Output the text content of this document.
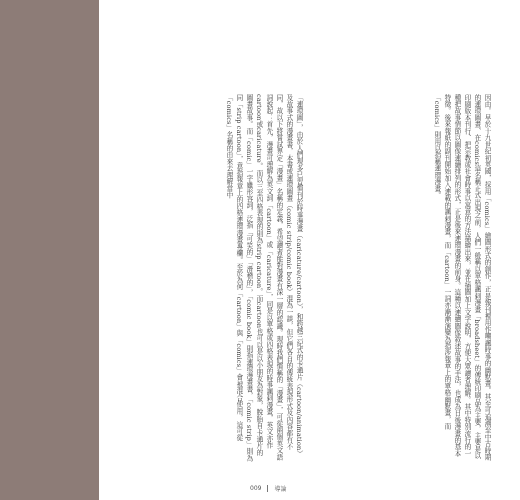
「連環圖」，由於人們現多已習慣刊於時事漫畫（caricature/cartoon），和跨越三紀式的卡通片（cartoon/animation）及故事式的漫畫書，本書或連環圖畫（comic strip/comic book）混為一談，但它們各自的傳統表現形式及內容都有不同，故以下將嘗試界定「漫畫」名稱的定義，希望讀者能對漫畫有深一層的認識。現時我們慣稱的「漫畫」，可從兩個英文語詞說起：首先，漫畫可理解為英文詞「cartoon」或「caricature」，同是以單格或四格表現的時事諷刺漫畫，英文亦作cartoon或caricature。而以三至四格表現的則為strip cartoon。而cartoon也可以是以小朋友為對象，脫胎自卡通片的圖畫故事。而「comic」一字雖形容詞，泛指「可笑的」「滑稽的」，「comic book」則指連環漫畫書，「comic strip」則為同「strip cartoon」，意指報章上的四格連環漫畫專欄。至於為何「cartoon」與「comics」會被混合使用，這可從「comics」名稱的由來去理解當中	因由。早於十九世紀初英國，採用「comics」繪圖形式的創作，正是報刊裡用作嘲諷時事的幽默畫。其至可追溯至中古時期的連環圖畫、在comics這名稱正式出現之前，人們一般稱以單格諷刺漫畫「broadsheet」的傳統印刷品為主要，主要是以印刷版本刊行、把宗教或社會時事以寓意的方法描繪出來，並在插圖加上文字說明，方便大眾讀者理解。其中特別流行的一種把故事情節以圖像連續排列的形式，正是後來連環漫畫的前身。這種以連續圖像敘述故事的手法，也成為日後漫畫的基本特徵。後來報紙的副刊開始加入連載的諷刺漫畫，而「cartoon」一詞亦漸漸演變為指涉報章上的單格幽默畫，而「comics」則用以指稱連環漫畫。
009 導論
